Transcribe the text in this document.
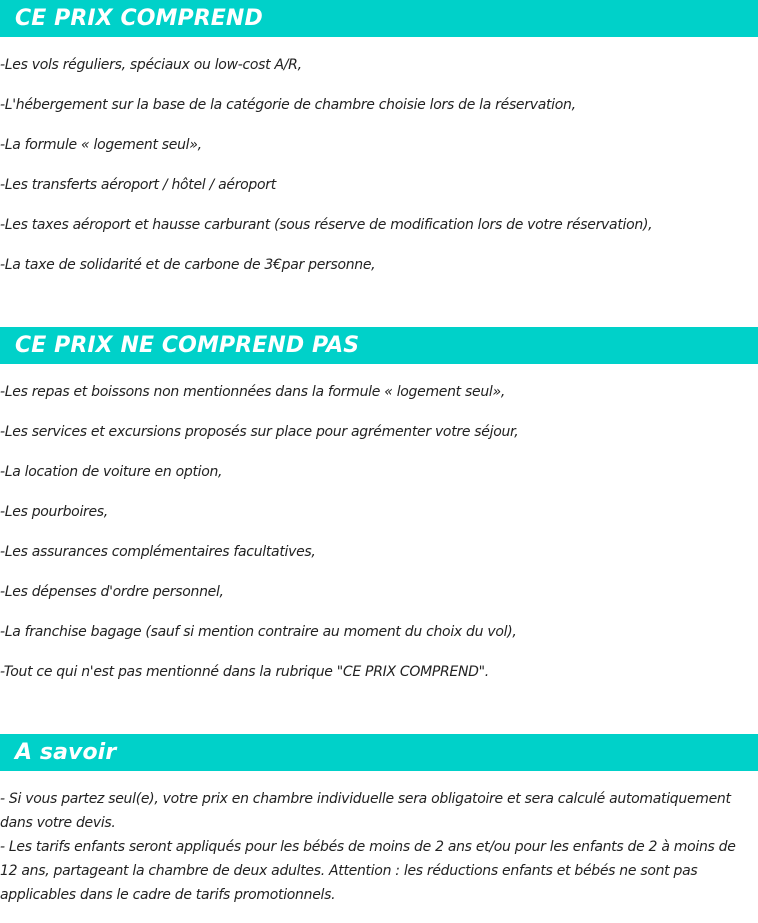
CE PRIX COMPREND
-Les vols réguliers, spéciaux ou low-cost A/R,
-L'hébergement sur la base de la catégorie de chambre choisie lors de la réservation,
-La formule « logement seul»,
-Les transferts aéroport / hôtel / aéroport
-Les taxes aéroport et hausse carburant (sous réserve de modification lors de votre réservation),
-La taxe de solidarité et de carbone de 3€par personne,
CE PRIX NE COMPREND PAS
-Les repas et boissons non mentionnées dans la formule « logement seul»,
-Les services et excursions proposés sur place pour agrémenter votre séjour,
-La location de voiture en option,
-Les pourboires,
-Les assurances complémentaires facultatives,
-Les dépenses d'ordre personnel,
-La franchise bagage (sauf si mention contraire au moment du choix du vol),
-Tout ce qui n'est pas mentionné dans la rubrique "CE PRIX COMPREND".
A savoir

- Si vous partez seul(e), votre prix en chambre individuelle sera obligatoire et sera calculé automatiquement dans votre devis.

- Les tarifs enfants seront appliqués pour les bébés de moins de 2 ans et/ou pour les enfants de 2 à moins de 12 ans, partageant la chambre de deux adultes. Attention : les réductions enfants et bébés ne sont pas applicables dans le cadre de tarifs promotionnels.
